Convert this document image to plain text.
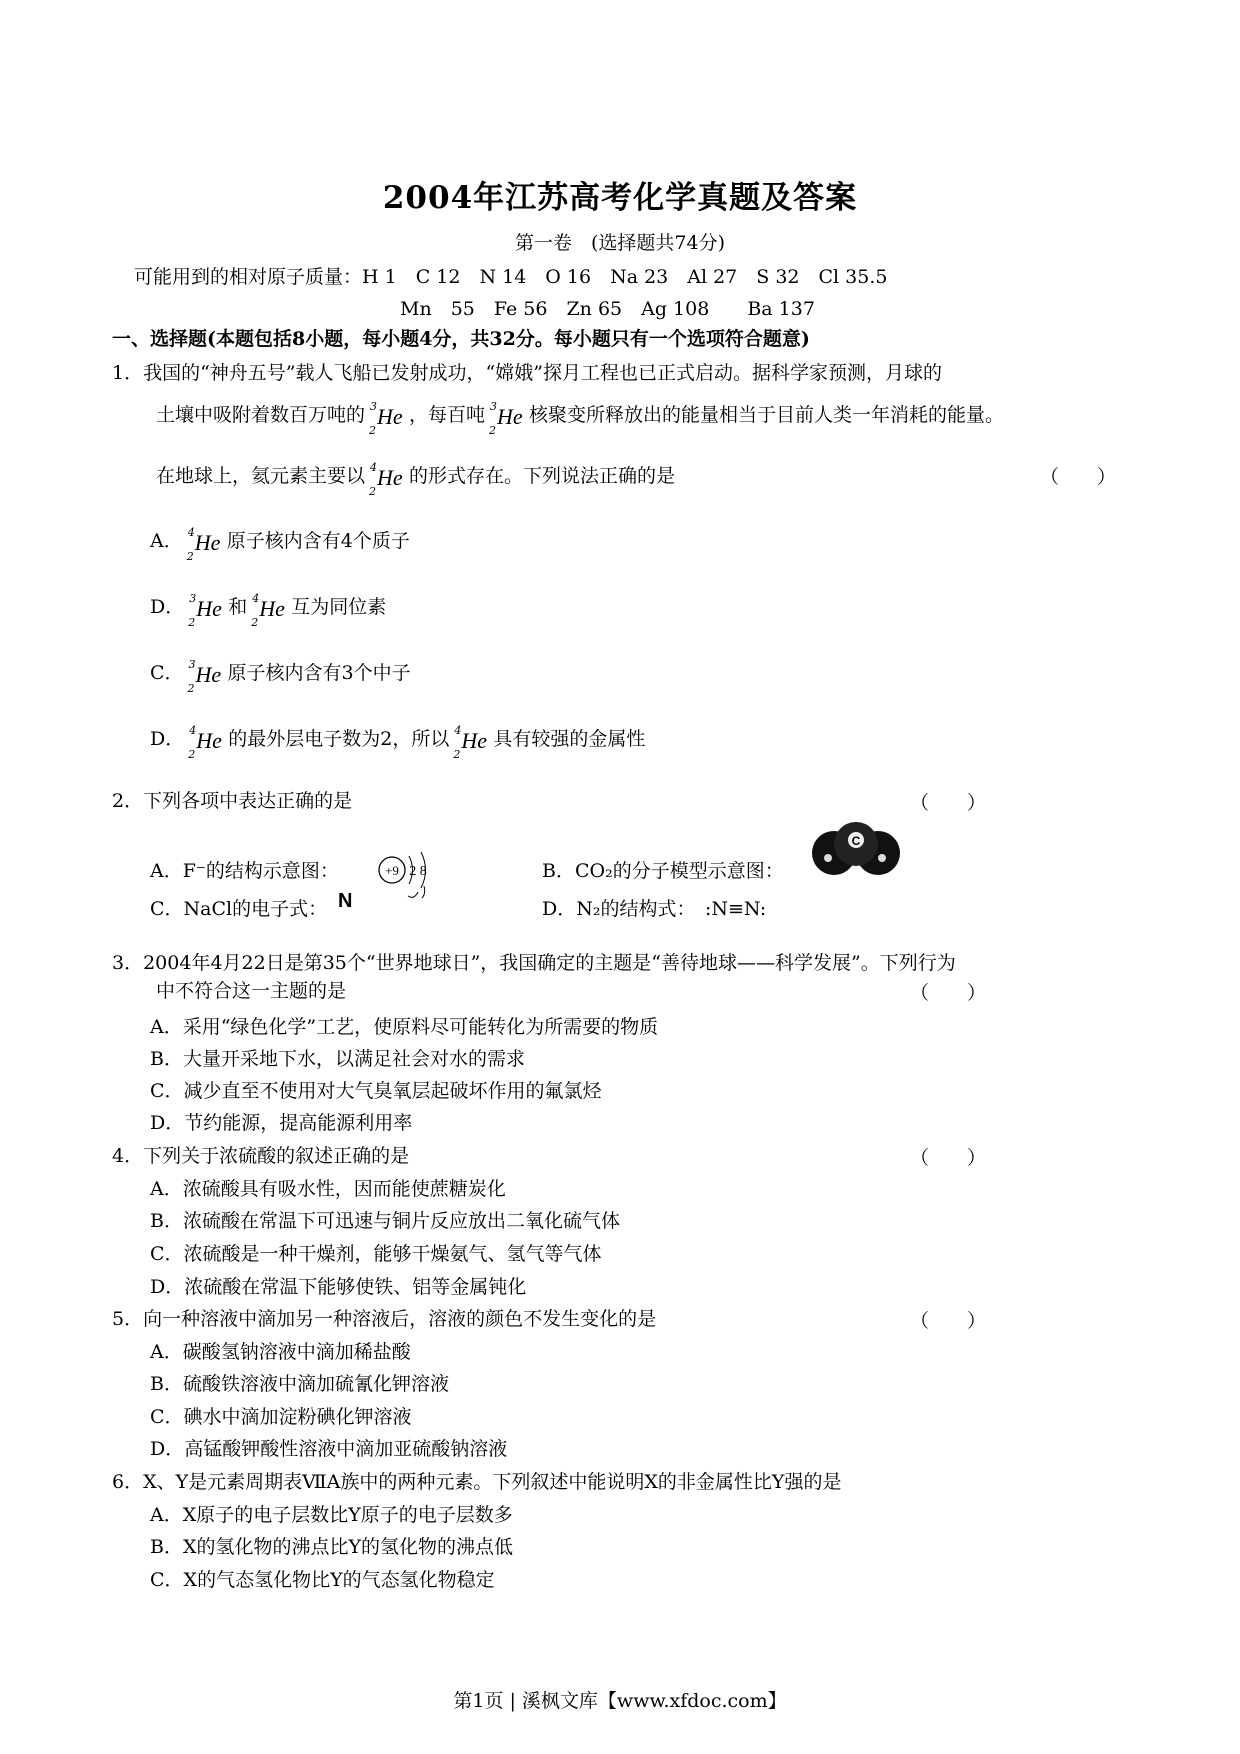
2004年江苏高考化学真题及答案
第一卷　(选择题共74分)
可能用到的相对原子质量：H 1　C 12　N 14　O 16　Na 23　Al 27　S 32　Cl 35.5
Mn　55　Fe 56　Zn 65　Ag 108　　Ba 137
一、选择题(本题包括8小题，每小题4分，共32分。每小题只有一个选项符合题意)
1．我国的“神舟五号”载人飞船已发射成功，“嫦娥”探月工程也已正式启动。据科学家预测，月球的
土壤中吸附着数百万吨的 3
2
He ，每百吨 3
2
He 核聚变所释放出的能量相当于目前人类一年消耗的能量。
在地球上，氦元素主要以 4
2
He 的形式存在。下列说法正确的是	（　　）
A． 4
2
He 原子核内含有4个质子
D． 3
2
He 和 4
2
He 互为同位素
C． 3
2
He 原子核内含有3个中子
D． 4
2
He 的最外层电子数为2，所以 4
2
He 具有较强的金属性
2．下列各项中表达正确的是	（　　）
A．F⁻的结构示意图：	+9 2 8	B．CO₂的分子模型示意图：
C
C．NaCl的电子式： N	D．N₂的结构式：　:N≡N:
3．2004年4月22日是第35个“世界地球日”，我国确定的主题是“善待地球——科学发展”。下列行为
中不符合这一主题的是	（　　）
A．采用“绿色化学”工艺，使原料尽可能转化为所需要的物质
B．大量开采地下水，以满足社会对水的需求
C．减少直至不使用对大气臭氧层起破坏作用的氟氯烃
D．节约能源，提高能源利用率
4．下列关于浓硫酸的叙述正确的是	（　　）
A．浓硫酸具有吸水性，因而能使蔗糖炭化
B．浓硫酸在常温下可迅速与铜片反应放出二氧化硫气体
C．浓硫酸是一种干燥剂，能够干燥氨气、氢气等气体
D．浓硫酸在常温下能够使铁、铝等金属钝化
5．向一种溶液中滴加另一种溶液后，溶液的颜色不发生变化的是	（　　）
A．碳酸氢钠溶液中滴加稀盐酸
B．硫酸铁溶液中滴加硫氰化钾溶液
C．碘水中滴加淀粉碘化钾溶液
D．高锰酸钾酸性溶液中滴加亚硫酸钠溶液
6．X、Y是元素周期表ⅦA族中的两种元素。下列叙述中能说明X的非金属性比Y强的是
A．X原子的电子层数比Y原子的电子层数多
B．X的氢化物的沸点比Y的氢化物的沸点低
C．X的气态氢化物比Y的气态氢化物稳定
第1页 | 溪枫文库【www.xfdoc.com】
